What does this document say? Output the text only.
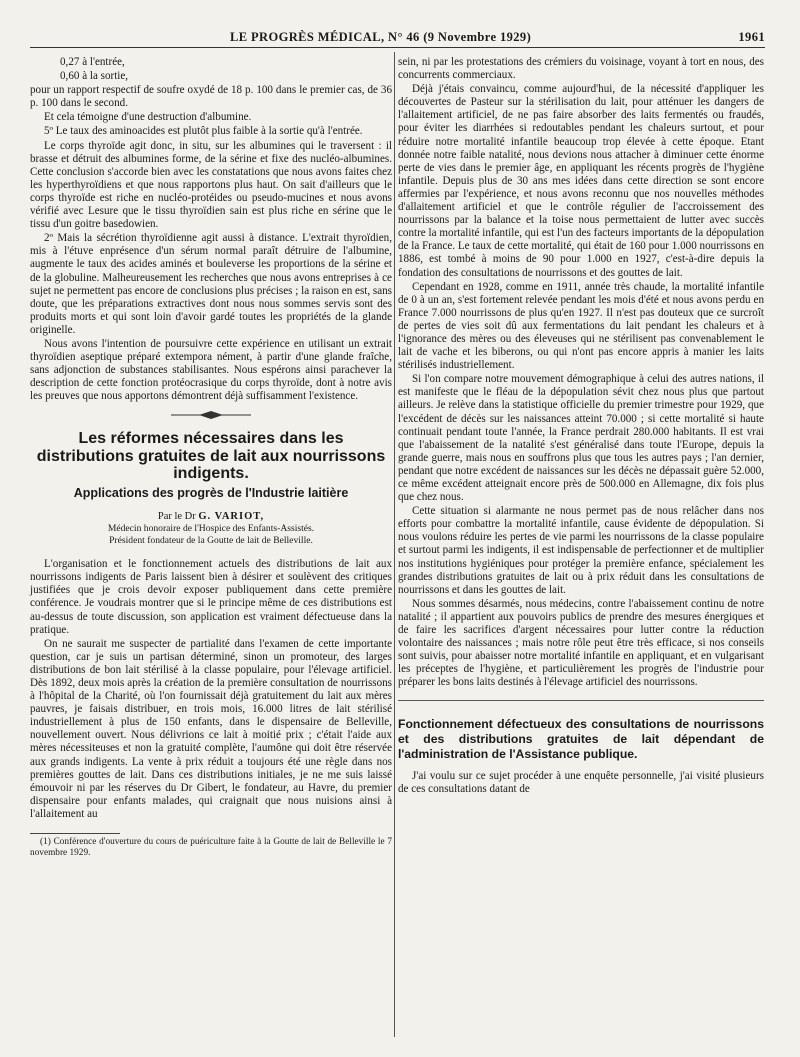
LE PROGRÈS MÉDICAL, N° 46 (9 Novembre 1929)	1961

0,27 à l'entrée,

0,60 à la sortie,

pour un rapport respectif de soufre oxydé de 18 p. 100 dans le premier cas, de 36 p. 100 dans le second.

Et cela témoigne d'une destruction d'albumine.

5º Le taux des aminoacides est plutôt plus faible à la sortie qu'à l'entrée.

Le corps thyroïde agit donc, in situ, sur les albumines qui le traversent : il brasse et détruit des albumines forme, de la sérine et fixe des nucléo-albumines. Cette conclusion s'accorde bien avec les constatations que nous avons faites chez les hyperthyroïdiens et que nous rapportons plus haut. On sait d'ailleurs que le corps thyroïde est riche en nucléo-protéides ou pseudo-mucines et nous avons vérifié avec Lesure que le tissu thyroïdien sain est plus riche en sérine que le tissu d'un goitre basedowien.

2º Mais la sécrétion thyroïdienne agit aussi à distance. L'extrait thyroïdien, mis à l'étuve enprésence d'un sérum normal paraît détruire de l'albumine, augmente le taux des acides aminés et bouleverse les proportions de la sérine et de la globuline. Malheureusement les recherches que nous avons entreprises à ce sujet ne permettent pas encore de conclusions plus précises ; la raison en est, sans doute, que les préparations extractives dont nous nous sommes servis sont des produits morts et qui sont loin d'avoir gardé toutes les propriétés de la glande originelle.

Nous avons l'intention de poursuivre cette expérience en utilisant un extrait thyroïdien aseptique préparé extempora nément, à partir d'une glande fraîche, sans adjonction de substances stabilisantes. Nous espérons ainsi parachever la description de cette fonction protéocrasique du corps thyroïde, dont à notre avis les preuves que nous apportons démontrent déjà suffisamment l'existence.

Les réformes nécessaires dans les distributions gratuites de lait aux nourrissons indigents.
Applications des progrès de l'Industrie laitière
Par le Dr G. VARIOT,
Médecin honoraire de l'Hospice des Enfants-Assistés.
Président fondateur de la Goutte de lait de Belleville.

L'organisation et le fonctionnement actuels des distributions de lait aux nourrissons indigents de Paris laissent bien à désirer et soulèvent des critiques justifiées que je crois devoir exposer publiquement dans cette première conférence. Je voudrais montrer que si le principe même de ces distributions est au-dessus de toute discussion, son application est vraiment défectueuse dans la pratique.

On ne saurait me suspecter de partialité dans l'examen de cette importante question, car je suis un partisan déterminé, sinon un promoteur, des larges distributions de bon lait stérilisé à la classe populaire, pour l'élevage artificiel. Dès 1892, deux mois après la création de la première consultation de nourrissons à l'hôpital de la Charité, où l'on fournissait déjà gratuitement du lait aux mères pauvres, je faisais distribuer, en trois mois, 16.000 litres de lait stérilisé industriellement à plus de 150 enfants, dans le dispensaire de Belleville, nouvellement ouvert. Nous délivrions ce lait à moitié prix ; c'était l'aide aux mères nécessiteuses et non la gratuité complète, l'aumône qui doit être réservée aux grands indigents. La vente à prix réduit a toujours été une règle dans nos premières gouttes de lait. Dans ces distributions initiales, je ne me suis laissé émouvoir ni par les réserves du Dr Gibert, le fondateur, au Havre, du premier dispensaire pour enfants malades, qui craignait que nous nuisions ainsi à l'allaitement au

(1) Conférence d'ouverture du cours de puériculture faite à la Goutte de lait de Belleville le 7 novembre 1929.

sein, ni par les protestations des crémiers du voisinage, voyant à tort en nous, des concurrents commerciaux.

Déjà j'étais convaincu, comme aujourd'hui, de la nécessité d'appliquer les découvertes de Pasteur sur la stérilisation du lait, pour atténuer les dangers de l'allaitement artificiel, de ne pas faire absorber des laits fermentés ou fraudés, pour éviter les diarrhées si redoutables pendant les chaleurs surtout, et pour réduire notre mortalité infantile beaucoup trop élevée à cette époque. Etant donnée notre faible natalité, nous devions nous attacher à diminuer cette énorme perte de vies dans le premier âge, en appliquant les récents progrès de l'hygiène infantile. Depuis plus de 30 ans mes idées dans cette direction se sont encore affermies par l'expérience, et nous avons reconnu que nos nouvelles méthodes d'allaitement artificiel et que le contrôle régulier de l'accroissement des nourrissons par la balance et la toise nous permettaient de lutter avec succès contre la mortalité infantile, qui est l'un des facteurs importants de la dépopulation de la France. Le taux de cette mortalité, qui était de 160 pour 1.000 nourrissons en 1886, est tombé à moins de 90 pour 1.000 en 1927, c'est-à-dire depuis la fondation des consultations de nourrissons et des gouttes de lait.

Cependant en 1928, comme en 1911, année très chaude, la mortalité infantile de 0 à un an, s'est fortement relevée pendant les mois d'été et nous avons perdu en France 7.000 nourrissons de plus qu'en 1927. Il n'est pas douteux que ce surcroît de pertes de vies soit dû aux fermentations du lait pendant les chaleurs et à l'ignorance des mères ou des éleveuses qui ne stérilisent pas convenablement le lait de vache et les biberons, ou qui n'ont pas encore appris à manier les laits stérilisés industriellement.

Si l'on compare notre mouvement démographique à celui des autres nations, il est manifeste que le fléau de la dépopulation sévit chez nous plus que partout ailleurs. Je relève dans la statistique officielle du premier trimestre pour 1929, que l'excédent de décès sur les naissances atteint 70.000 ; si cette mortalité si haute continuait pendant toute l'année, la France perdrait 280.000 habitants. Il est vrai que l'abaissement de la natalité s'est généralisé dans toute l'Europe, depuis la grande guerre, mais nous en souffrons plus que tous les autres pays ; l'an dernier, pendant que notre excédent de naissances sur les décès ne dépassait guère 52.000, ce même excédent atteignait encore près de 500.000 en Allemagne, dix fois plus que chez nous.

Cette situation si alarmante ne nous permet pas de nous relâcher dans nos efforts pour combattre la mortalité infantile, cause évidente de dépopulation. Si nous voulons réduire les pertes de vie parmi les nourrissons de la classe populaire et surtout parmi les indigents, il est indispensable de perfectionner et de multiplier nos institutions hygiéniques pour protéger la première enfance, spécialement les grandes distributions gratuites de lait ou à prix réduit dans les consultations de nourrissons et dans les gouttes de lait.

Nous sommes désarmés, nous médecins, contre l'abaissement continu de notre natalité ; il appartient aux pouvoirs publics de prendre des mesures énergiques et de faire les sacrifices d'argent nécessaires pour lutter contre la réduction volontaire des naissances ; mais notre rôle peut être très efficace, si nos conseils sont suivis, pour abaisser notre mortalité infantile en appliquant, et en vulgarisant les préceptes de l'hygiène, et particulièrement les progrès de l'industrie pour préparer les bons laits destinés à l'élevage artificiel des nourrissons.

Fonctionnement défectueux des consultations de nourrissons et des distributions gratuites de lait dépendant de l'administration de l'Assistance publique.

J'ai voulu sur ce sujet procéder à une enquête personnelle, j'ai visité plusieurs de ces consultations datant de
